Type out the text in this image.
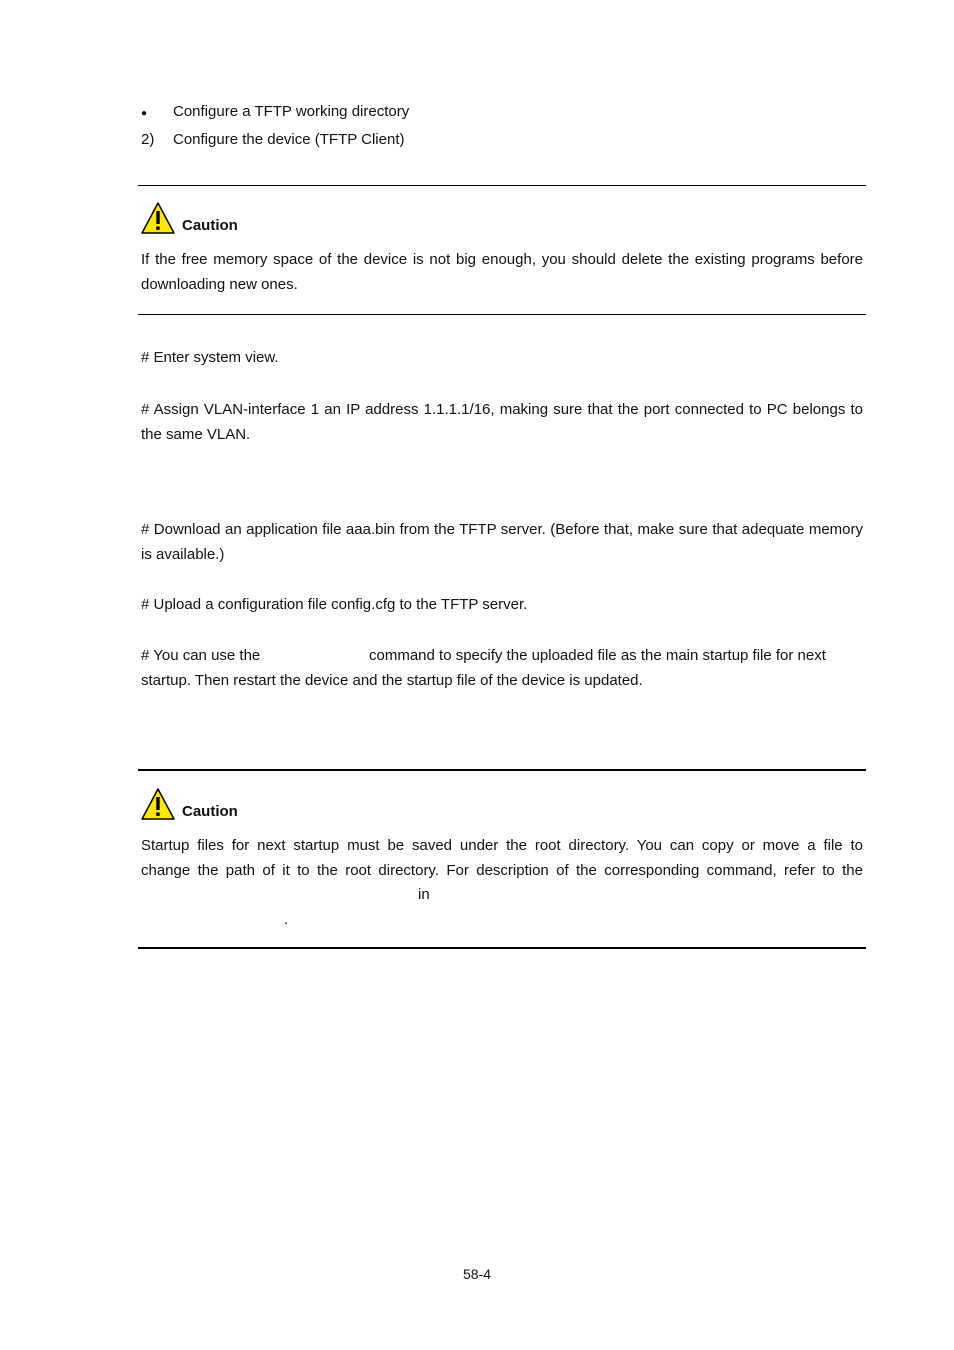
● Configure a TFTP working directory
2) Configure the device (TFTP Client)
Caution
If the free memory space of the device is not big enough, you should delete the existing programs before downloading new ones.
# Enter system view.
# Assign VLAN-interface 1 an IP address 1.1.1.1/16, making sure that the port connected to PC belongs to the same VLAN.
# Download an application file aaa.bin from the TFTP server. (Before that, make sure that adequate memory is available.)
# Upload a configuration file config.cfg to the TFTP server.
# You can use the	command to specify the uploaded file as the main startup file for next
startup. Then restart the device and the startup file of the device is updated.
Caution
Startup files for next startup must be saved under the root directory. You can copy or move a file to
change the path of it to the root directory. For description of the corresponding command, refer to the
in
.
58-4
